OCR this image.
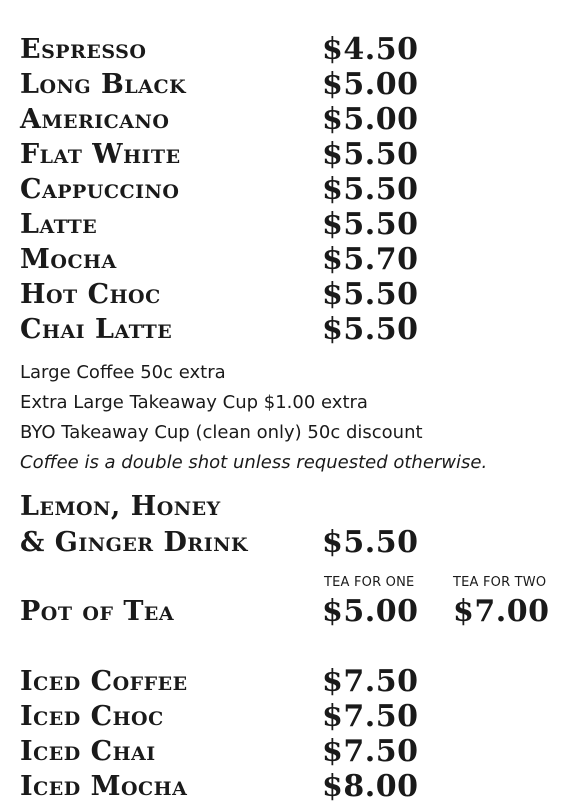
Espresso	$4.50
Long Black	$5.00
Americano	$5.00
Flat White	$5.50
Cappuccino	$5.50
Latte	$5.50
Mocha	$5.70
Hot Choc	$5.50
Chai Latte	$5.50
Large Coffee 50c extra
Extra Large Takeaway Cup $1.00 extra
BYO Takeaway Cup (clean only) 50c discount
Coffee is a double shot unless requested otherwise.
Lemon, Honey
& Ginger Drink $5.50
TEA FOR ONE	TEA FOR TWO
Pot of Tea	$5.00 $7.00
Iced Coffee	$7.50
Iced Choc	$7.50
Iced Chai	$7.50
Iced Mocha	$8.00
